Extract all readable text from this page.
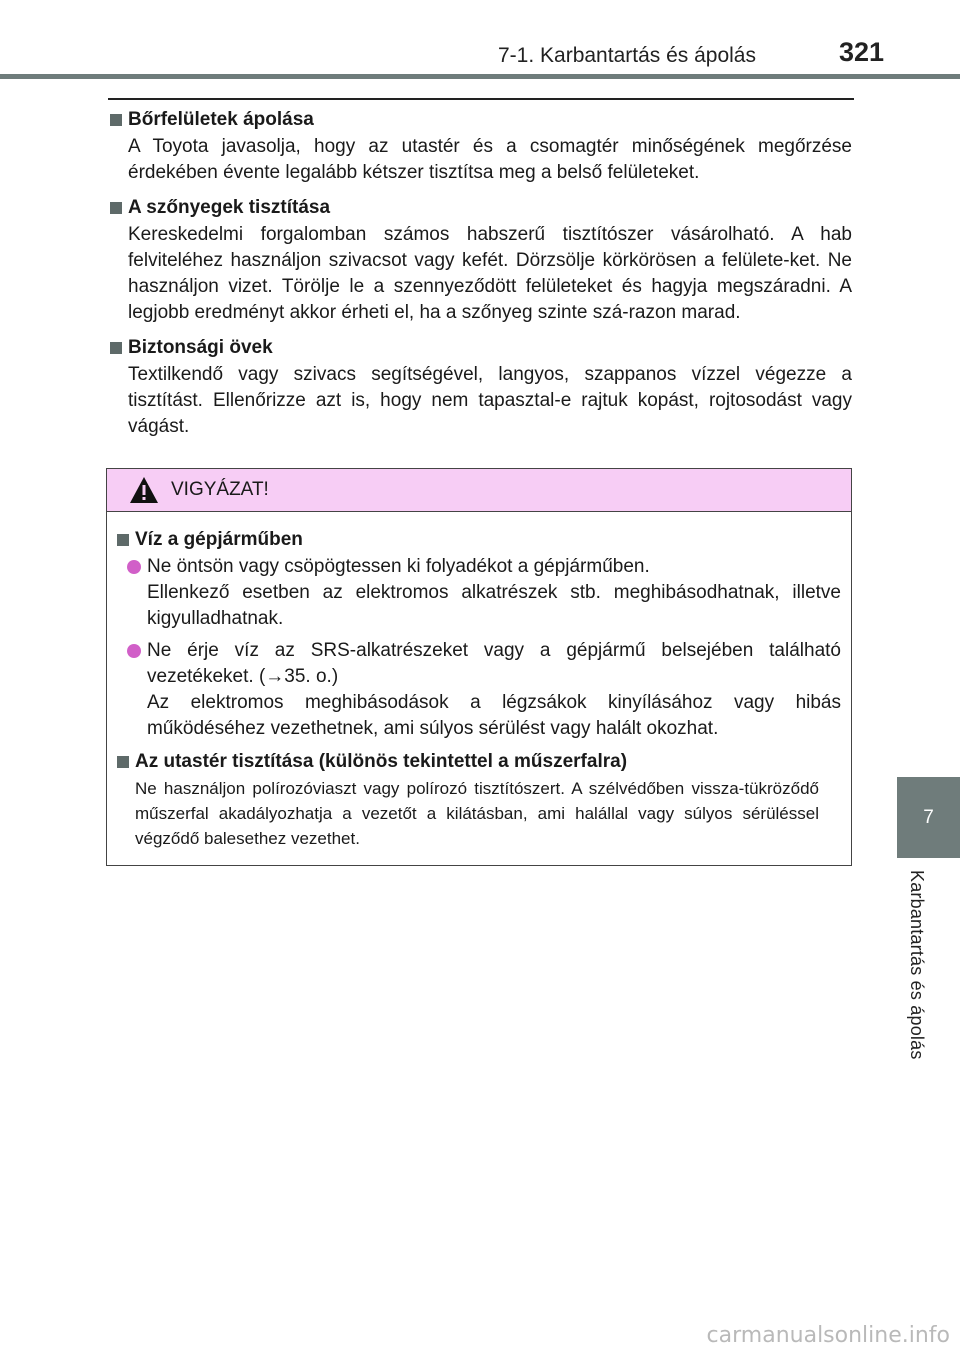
7-1. Karbantartás és ápolás	321
7
Karbantartás és ápolás
Bőrfelületek ápolása
A Toyota javasolja, hogy az utastér és a csomagtér minőségének megőrzése érdekében évente legalább kétszer tisztítsa meg a belső felületeket.
A szőnyegek tisztítása
Kereskedelmi forgalomban számos habszerű tisztítószer vásárolható. A hab felviteléhez használjon szivacsot vagy kefét. Dörzsölje körkörösen a felülete-ket. Ne használjon vizet. Törölje le a szennyeződött felületeket és hagyja megszáradni. A legjobb eredményt akkor érheti el, ha a szőnyeg szinte szá-razon marad.
Biztonsági övek
Textilkendő vagy szivacs segítségével, langyos, szappanos vízzel végezze a tisztítást. Ellenőrizze azt is, hogy nem tapasztal-e rajtuk kopást, rojtosodást vagy vágást.
VIGYÁZAT!
Víz a gépjárműben
Ne öntsön vagy csöpögtessen ki folyadékot a gépjárműben.
Ellenkező esetben az elektromos alkatrészek stb. meghibásodhatnak, illetve kigyulladhatnak.
Ne érje víz az SRS-alkatrészeket vagy a gépjármű belsejében található vezetékeket. (→35. o.)
Az elektromos meghibásodások a légzsákok kinyílásához vagy hibás működéséhez vezethetnek, ami súlyos sérülést vagy halált okozhat.
Az utastér tisztítása (különös tekintettel a műszerfalra)
Ne használjon polírozóviaszt vagy polírozó tisztítószert. A szélvédőben vissza-tükröződő műszerfal akadályozhatja a vezetőt a kilátásban, ami halállal vagy súlyos sérüléssel végződő balesethez vezethet.
carmanualsonline.info
